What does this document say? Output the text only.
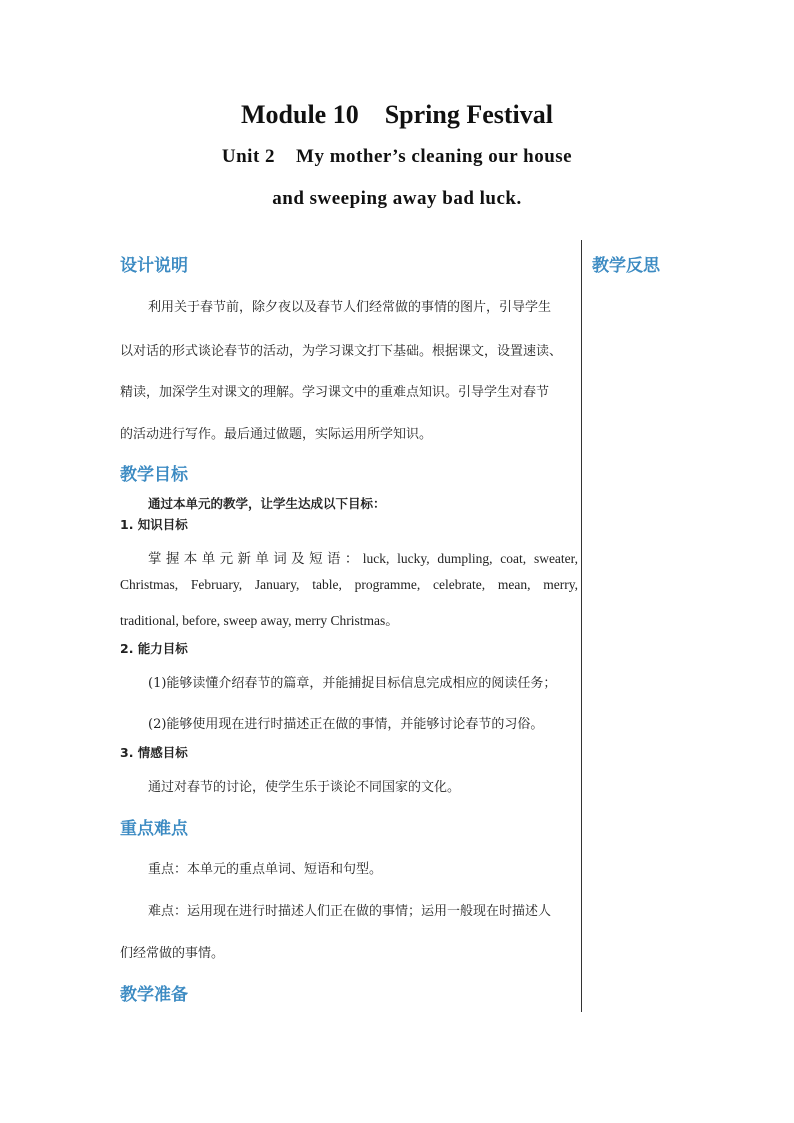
Module 10    Spring Festival
Unit 2    My mother’s cleaning our house
and sweeping away bad luck.
教学反思
设计说明
利用关于春节前，除夕夜以及春节人们经常做的事情的图片，引导学生
以对话的形式谈论春节的活动，为学习课文打下基础。根据课文，设置速读、
精读，加深学生对课文的理解。学习课文中的重难点知识。引导学生对春节
的活动进行写作。最后通过做题，实际运用所学知识。
教学目标
通过本单元的教学，让学生达成以下目标：
1. 知识目标
掌握本单元新单词及短语：luck, lucky, dumpling, coat, sweater,
Christmas, February, January, table, programme, celebrate, mean, merry,
traditional, before, sweep away, merry Christmas。
2. 能力目标
(1)能够读懂介绍春节的篇章，并能捕捉目标信息完成相应的阅读任务；
(2)能够使用现在进行时描述正在做的事情，并能够讨论春节的习俗。
3. 情感目标
通过对春节的讨论，使学生乐于谈论不同国家的文化。
重点难点
重点：本单元的重点单词、短语和句型。
难点：运用现在进行时描述人们正在做的事情；运用一般现在时描述人
们经常做的事情。
教学准备
